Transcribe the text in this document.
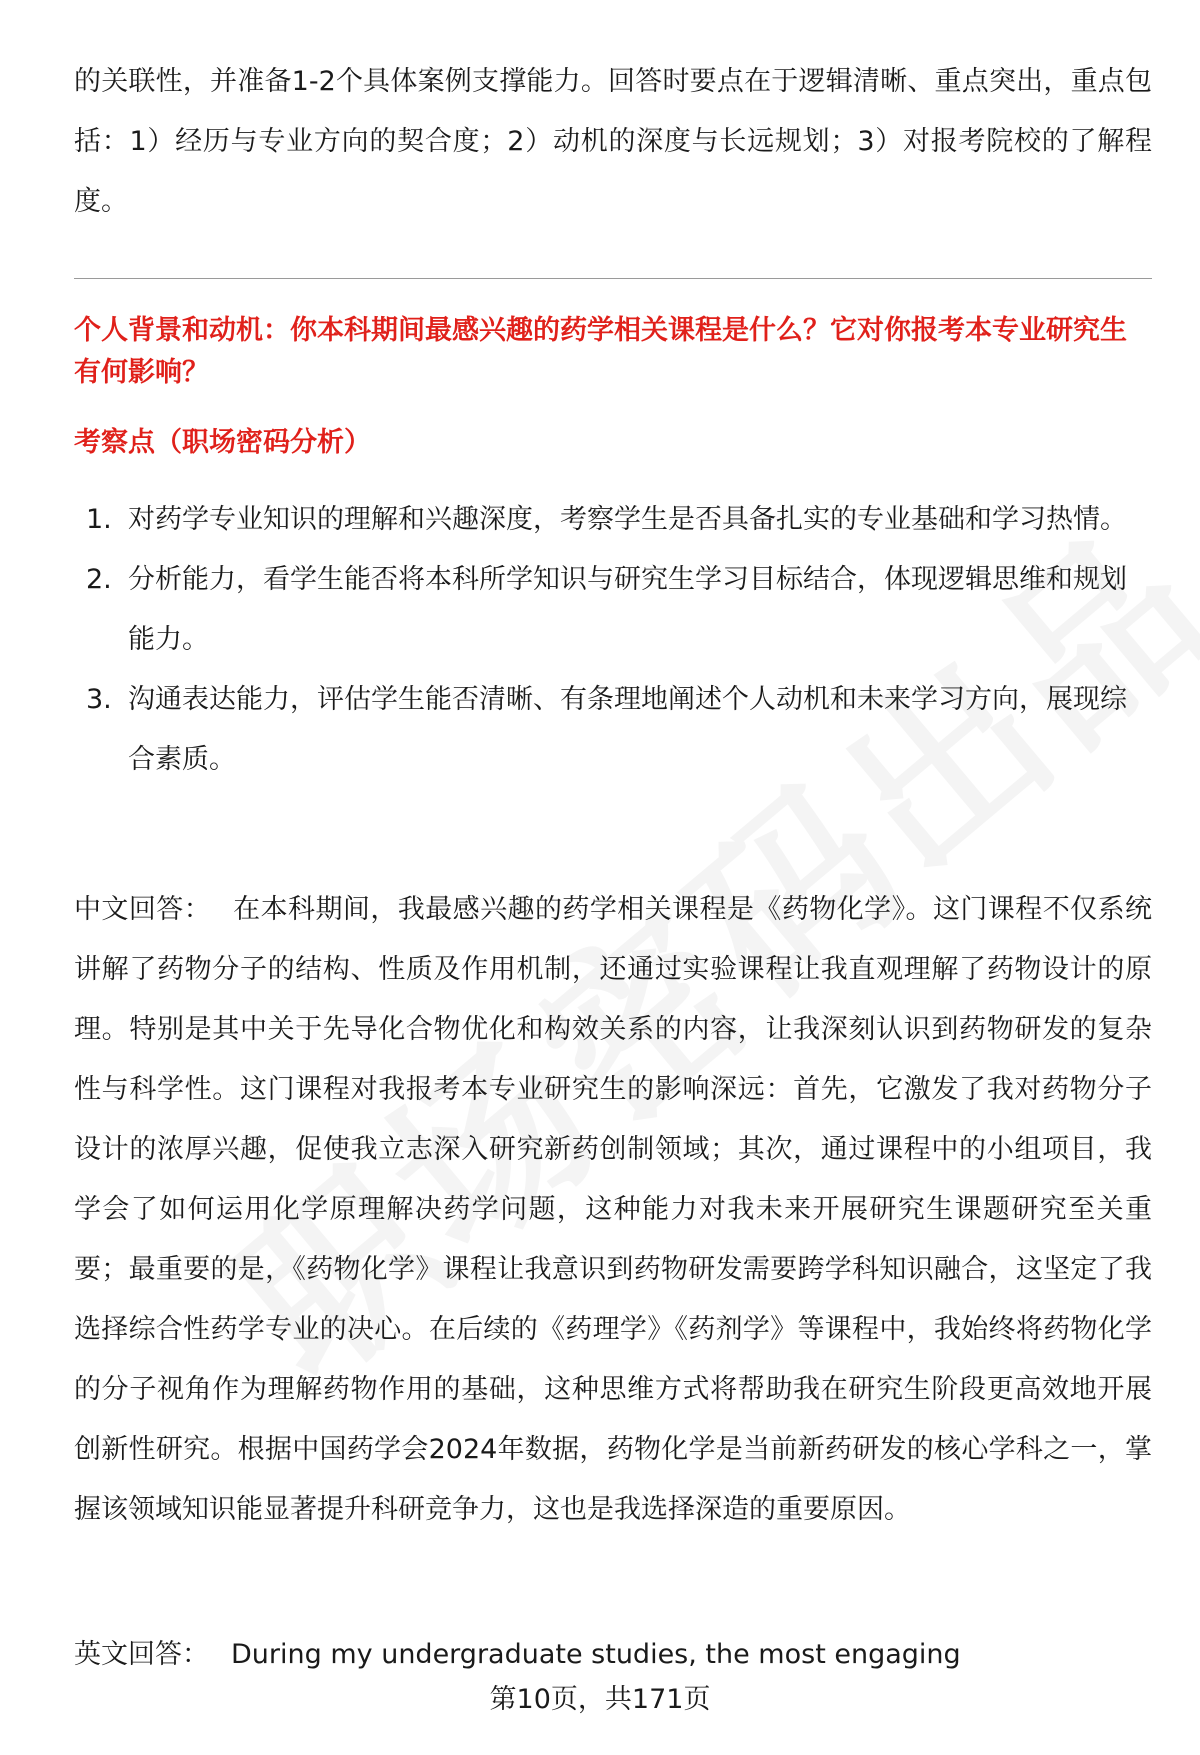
的关联性，并准备1-2个具体案例支撑能力。回答时要点在于逻辑清晰、重点突出，重点包括：1）经历与专业方向的契合度；2）动机的深度与长远规划；3）对报考院校的了解程度。

个人背景和动机：你本科期间最感兴趣的药学相关课程是什么？它对你报考本专业研究生有何影响？
考察点（职场密码分析）
1. 对药学专业知识的理解和兴趣深度，考察学生是否具备扎实的专业基础和学习热情。
2. 分析能力，看学生能否将本科所学知识与研究生学习目标结合，体现逻辑思维和规划能力。
3. 沟通表达能力，评估学生能否清晰、有条理地阐述个人动机和未来学习方向，展现综合素质。

中文回答： 在本科期间，我最感兴趣的药学相关课程是《药物化学》。这门课程不仅系统讲解了药物分子的结构、性质及作用机制，还通过实验课程让我直观理解了药物设计的原理。特别是其中关于先导化合物优化和构效关系的内容，让我深刻认识到药物研发的复杂性与科学性。这门课程对我报考本专业研究生的影响深远：首先，它激发了我对药物分子设计的浓厚兴趣，促使我立志深入研究新药创制领域；其次，通过课程中的小组项目，我学会了如何运用化学原理解决药学问题，这种能力对我未来开展研究生课题研究至关重要；最重要的是，《药物化学》课程让我意识到药物研发需要跨学科知识融合，这坚定了我选择综合性药学专业的决心。在后续的《药理学》《药剂学》等课程中，我始终将药物化学的分子视角作为理解药物作用的基础，这种思维方式将帮助我在研究生阶段更高效地开展创新性研究。根据中国药学会2024年数据，药物化学是当前新药研发的核心学科之一，掌握该领域知识能显著提升科研竞争力，这也是我选择深造的重要原因。

英文回答： During my undergraduate studies, the most engaging

第10页，共171页
